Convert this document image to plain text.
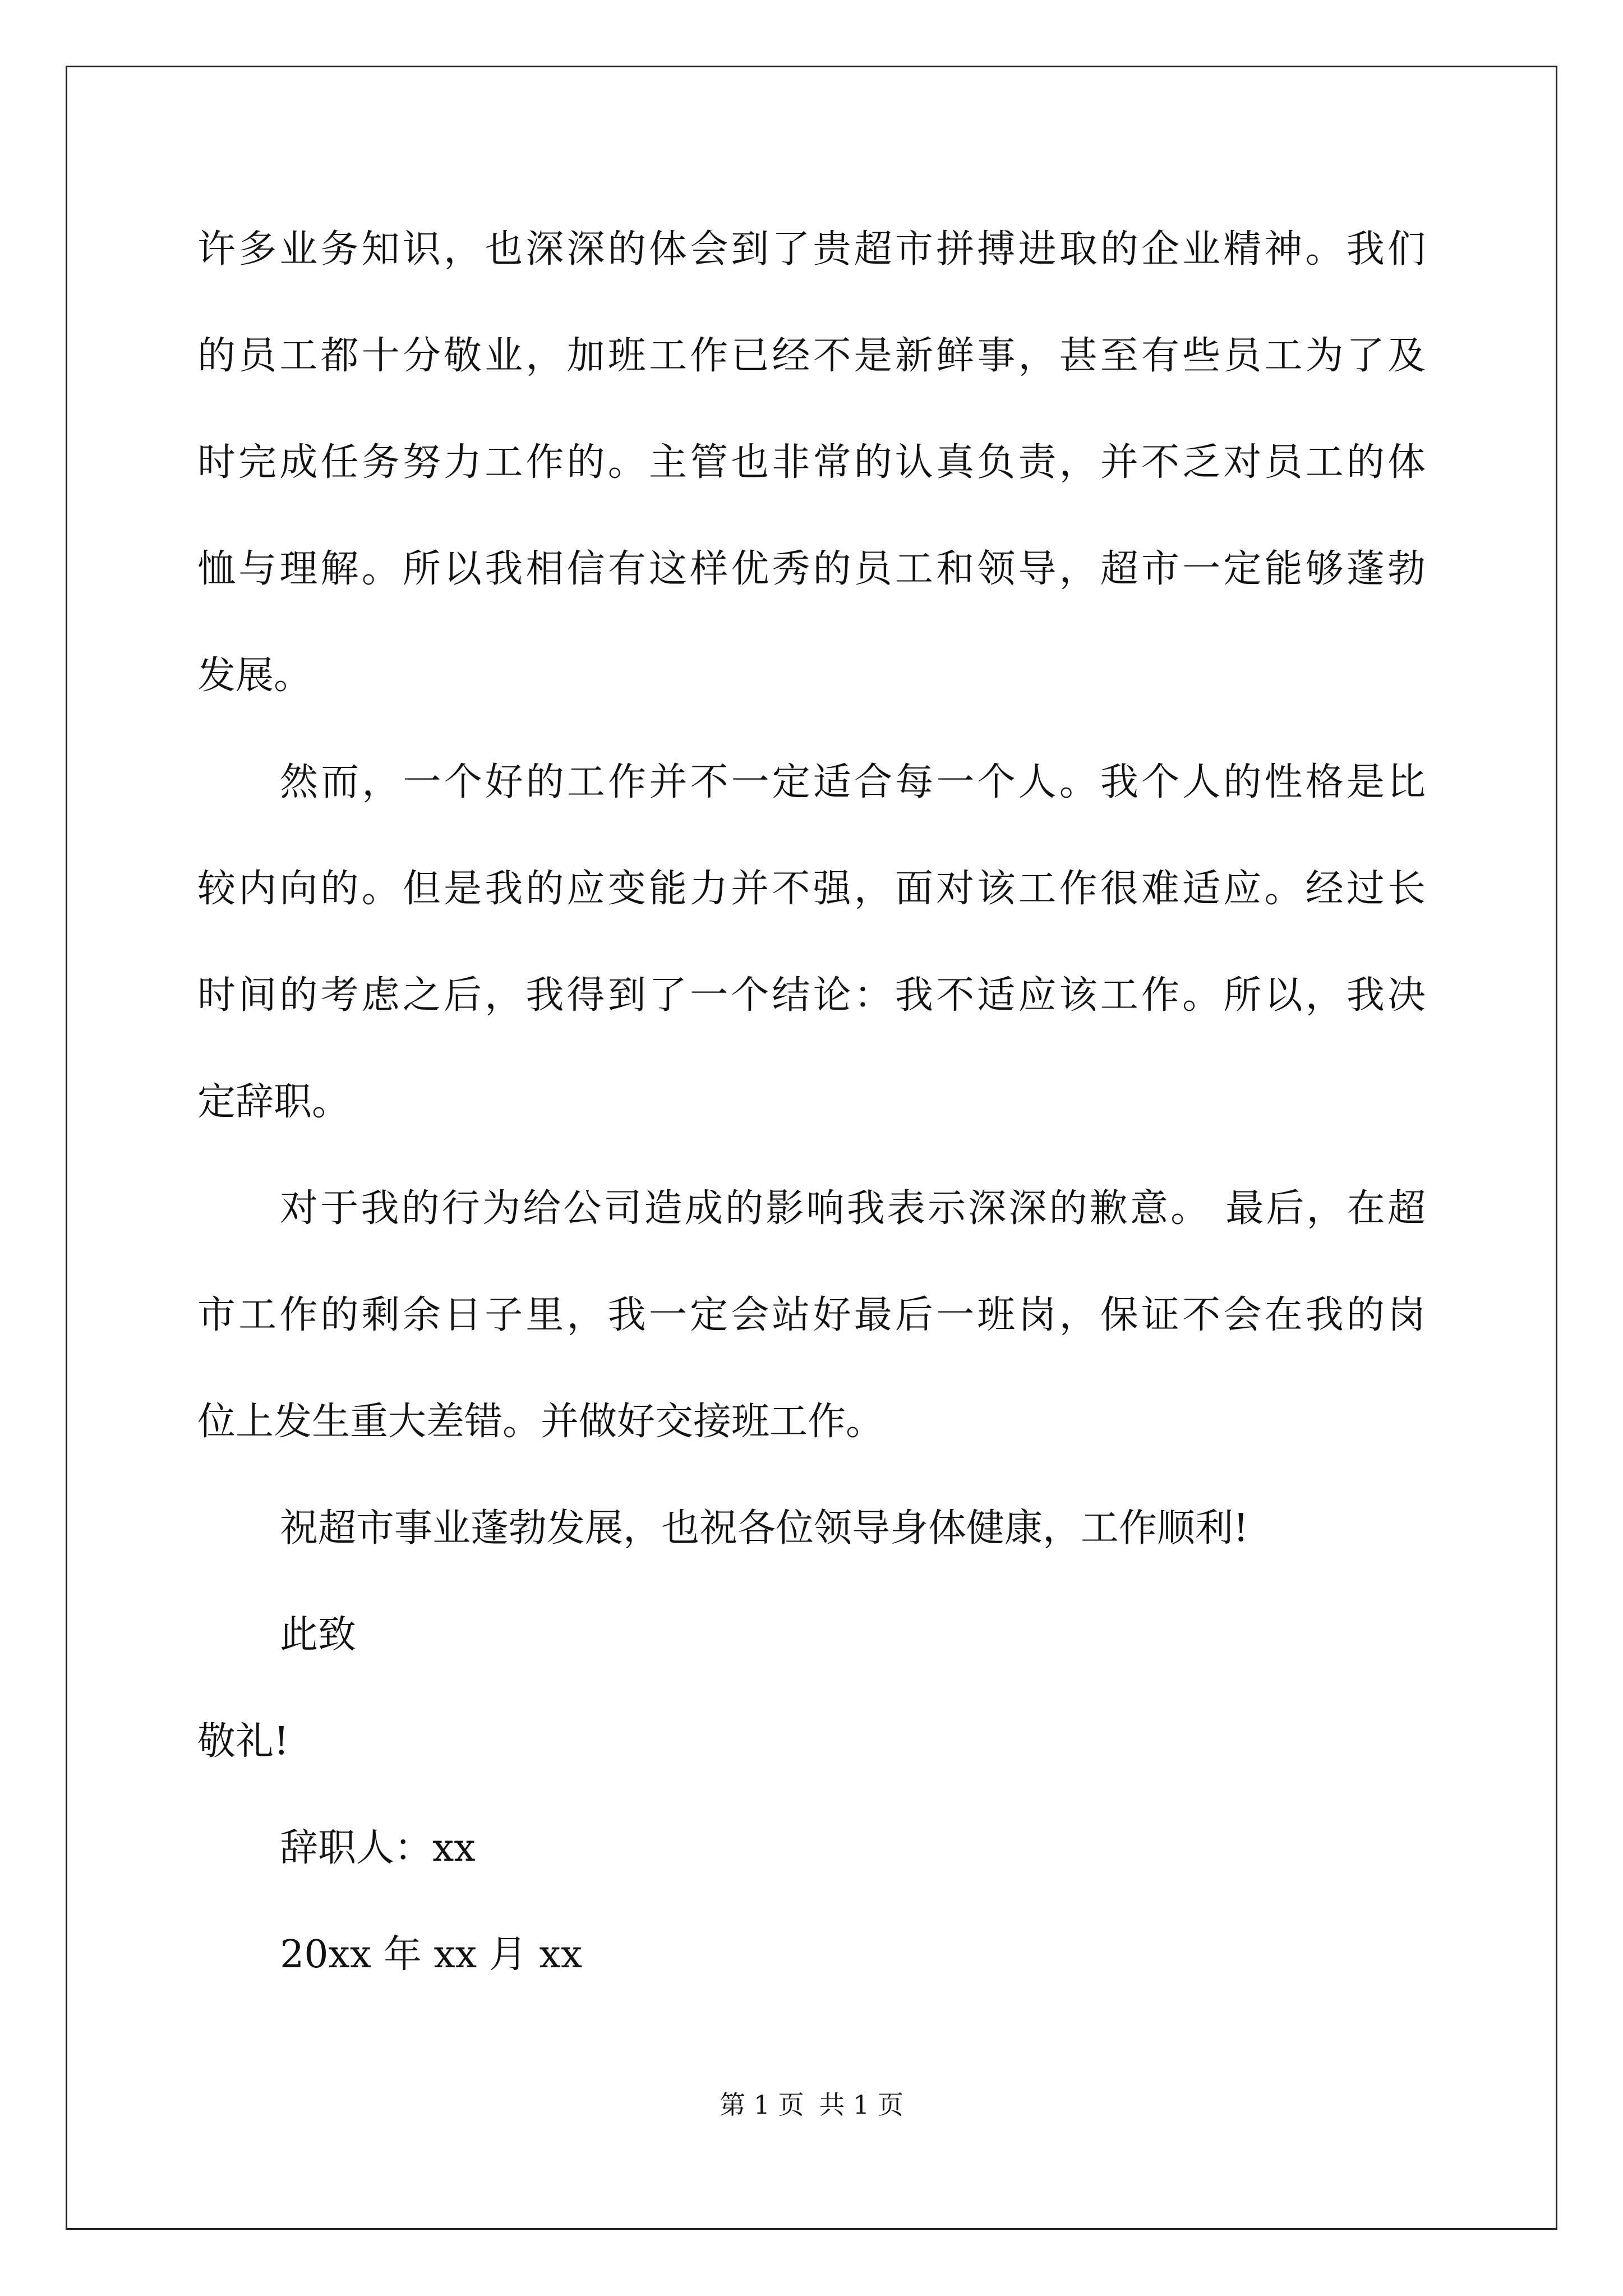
许多业务知识，也深深的体会到了贵超市拼搏进取的企业精神。我们
的员工都十分敬业，加班工作已经不是新鲜事，甚至有些员工为了及
时完成任务努力工作的。主管也非常的认真负责，并不乏对员工的体
恤与理解。所以我相信有这样优秀的员工和领导，超市一定能够蓬勃
发展。
然而，一个好的工作并不一定适合每一个人。我个人的性格是比
较内向的。但是我的应变能力并不强，面对该工作很难适应。经过长
时间的考虑之后，我得到了一个结论：我不适应该工作。所以，我决
定辞职。
对于我的行为给公司造成的影响我表示深深的歉意。 最后，在超
市工作的剩余日子里，我一定会站好最后一班岗，保证不会在我的岗
位上发生重大差错。并做好交接班工作。
祝超市事业蓬勃发展，也祝各位领导身体健康，工作顺利!
此致
敬礼!
辞职人：xx
20xx 年 xx 月 xx
第 1 页 共 1 页
